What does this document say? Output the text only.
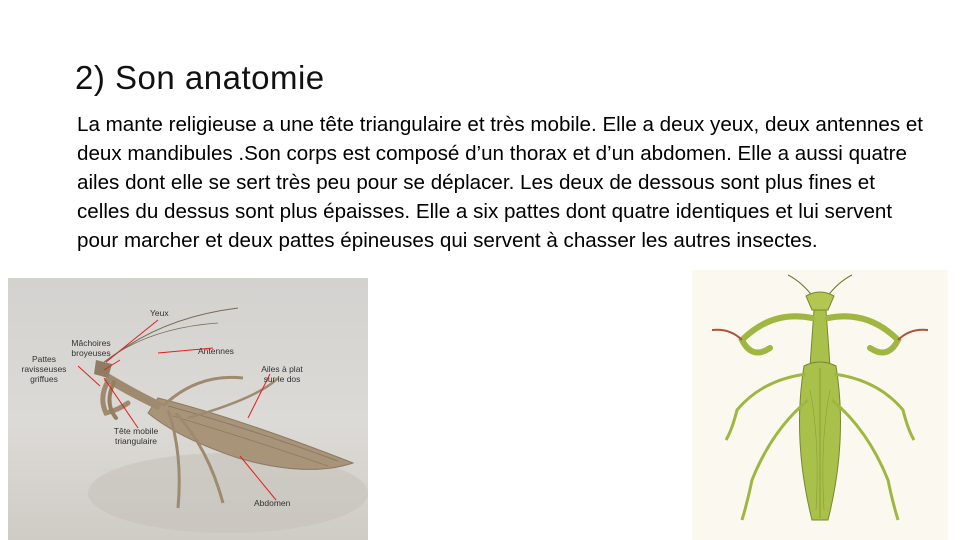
2) Son anatomie

La mante religieuse a une tête triangulaire et très mobile. Elle a deux yeux, deux antennes et deux mandibules .Son corps est composé d’un thorax et d’un abdomen. Elle a aussi quatre ailes dont elle se sert très peu pour se déplacer. Les deux de dessous sont plus fines et celles du dessus sont plus épaisses. Elle a six pattes dont quatre identiques et lui servent pour marcher et deux pattes épineuses qui servent à chasser les autres insectes.

Yeux
Mâchoires broyeuses	Antennes
Pattes ravisseuses griffues
Ailes à plat sur le dos
Tête mobile triangulaire
Abdomen
